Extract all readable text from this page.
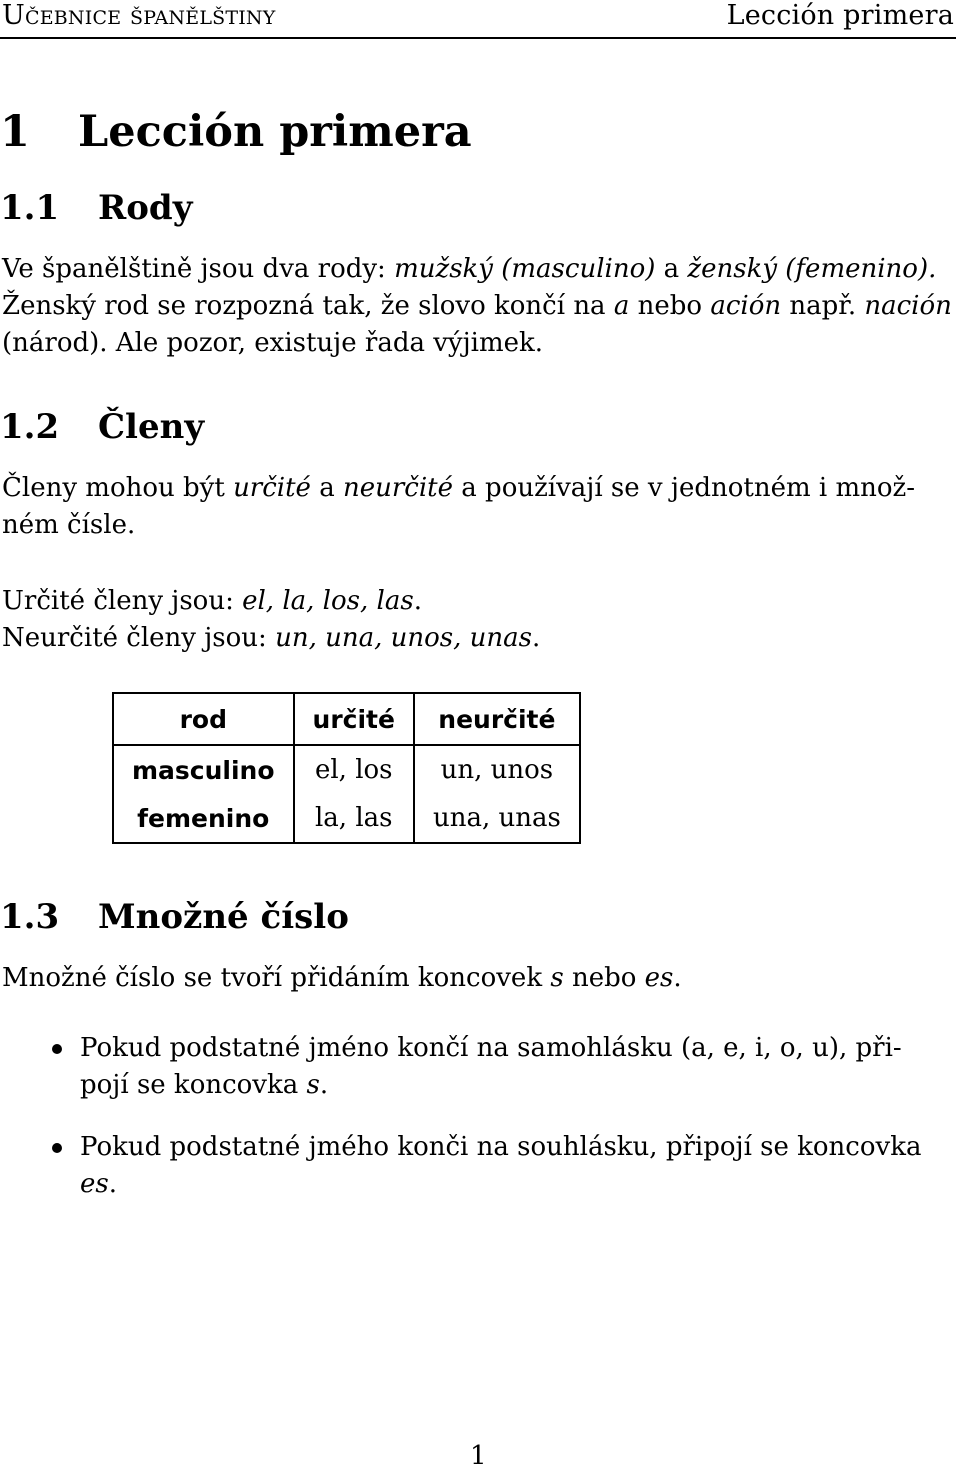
Učebnice španělštiny	Lección primera
1 Lección primera
1.1 Rody
Ve španělštině jsou dva rody: mužský (masculino) a ženský (femenino).
Ženský rod se rozpozná tak, že slovo končí na a nebo ación např. nación
(národ). Ale pozor, existuje řada výjimek.
1.2 Členy
Členy mohou být určité a neurčité a používají se v jednotném i množ-
ném čísle.
Určité členy jsou: el, la, los, las.
Neurčité členy jsou: un, una, unos, unas.
rod	určité	neurčité
masculino	el, los	un, unos
femenino	la, las	una, unas
1.3 Množné číslo
Množné číslo se tvoří přidáním koncovek s nebo es.
Pokud podstatné jméno končí na samohlásku (a, e, i, o, u), při-
pojí se koncovka s.
Pokud podstatné jmého konči na souhlásku, připojí se koncovka
es.
1
